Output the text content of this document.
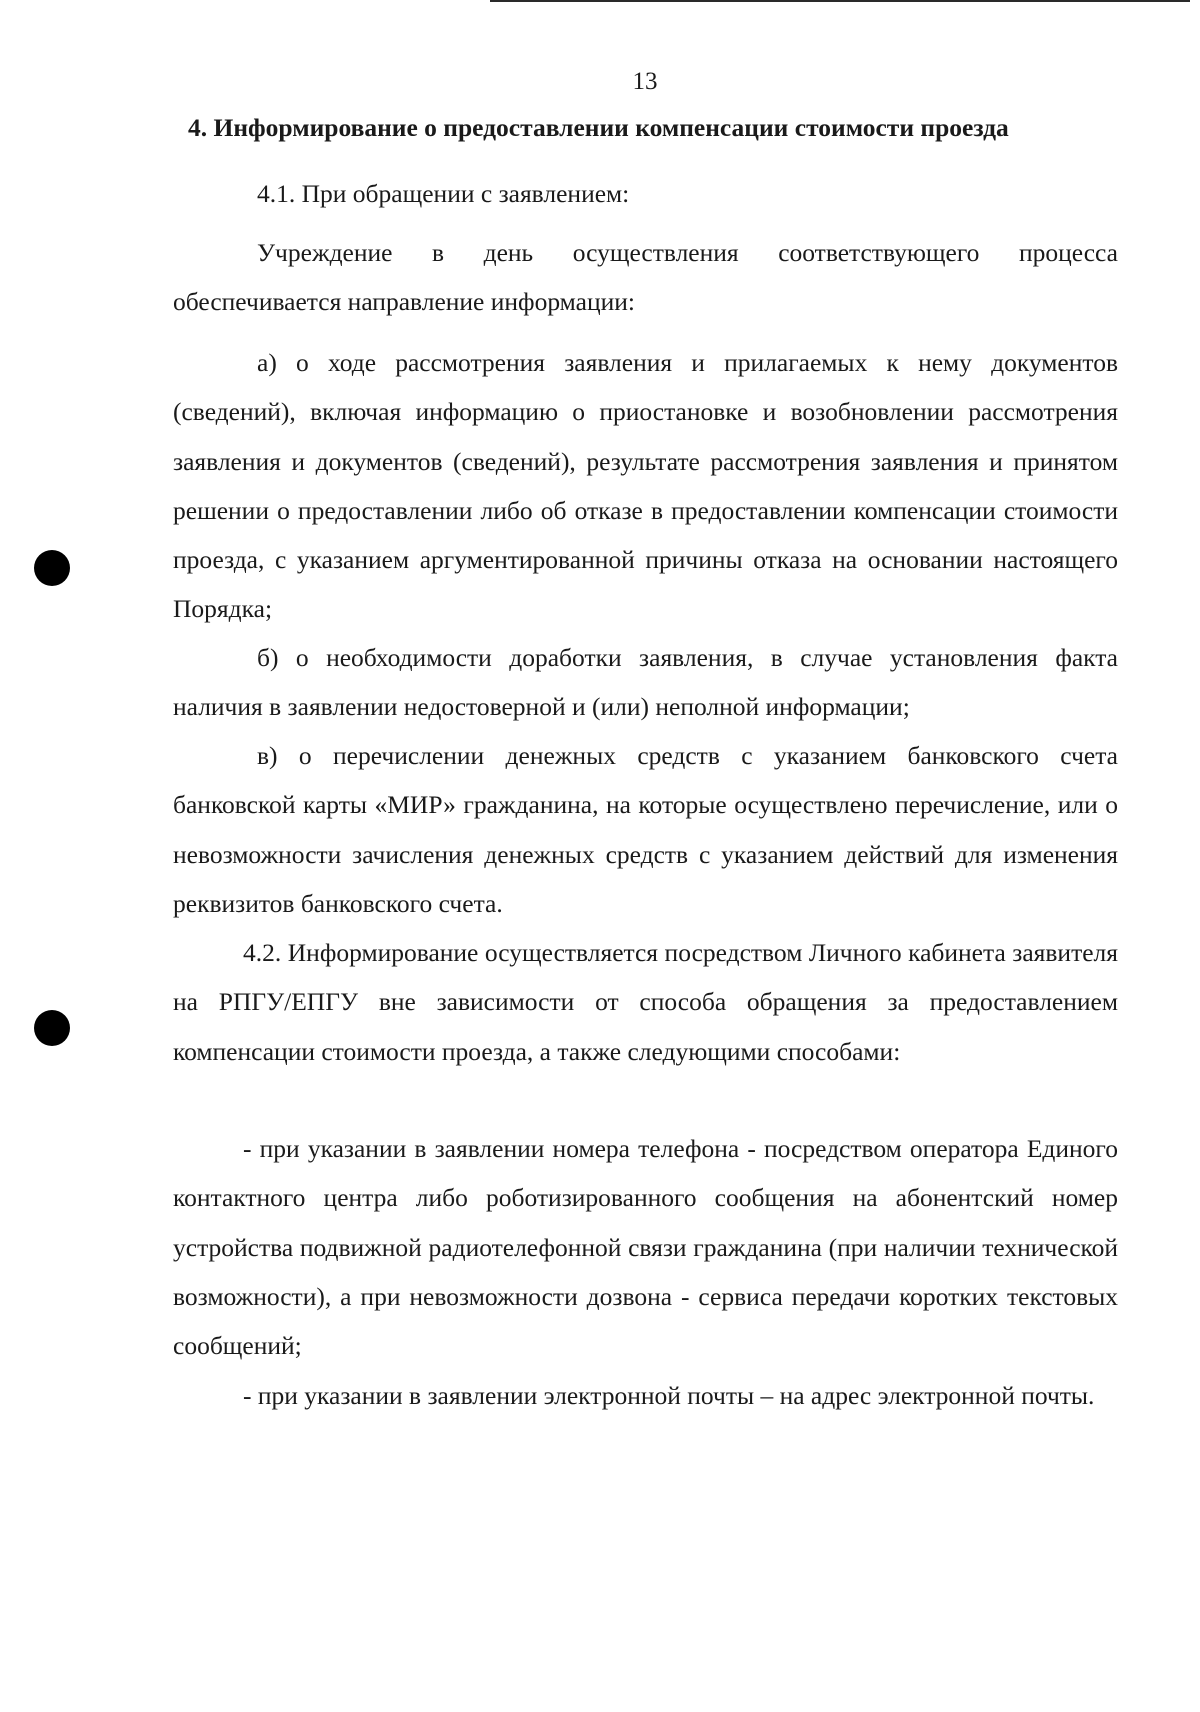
13

4. Информирование о предоставлении компенсации стоимости проезда

4.1. При обращении с заявлением:

Учреждение в день осуществления соответствующего процесса обеспечивается направление информации:

а) о ходе рассмотрения заявления и прилагаемых к нему документов (сведений), включая информацию о приостановке и возобновлении рассмотрения заявления и документов (сведений), результате рассмотрения заявления и принятом решении о предоставлении либо об отказе в предоставлении компенсации стоимости проезда, с указанием аргументированной причины отказа на основании настоящего Порядка;

б) о необходимости доработки заявления, в случае установления факта наличия в заявлении недостоверной и (или) неполной информации;

в) о перечислении денежных средств с указанием банковского счета банковской карты «МИР» гражданина, на которые осуществлено перечисление, или о невозможности зачисления денежных средств с указанием действий для изменения реквизитов банковского счета.

4.2. Информирование осуществляется посредством Личного кабинета заявителя на РПГУ/ЕПГУ вне зависимости от способа обращения за предоставлением компенсации стоимости проезда, а также следующими способами:

- при указании в заявлении номера телефона - посредством оператора Единого контактного центра либо роботизированного сообщения на абонентский номер устройства подвижной радиотелефонной связи гражданина (при наличии технической возможности), а при невозможности дозвона - сервиса передачи коротких текстовых сообщений;

- при указании в заявлении электронной почты – на адрес электронной почты.
